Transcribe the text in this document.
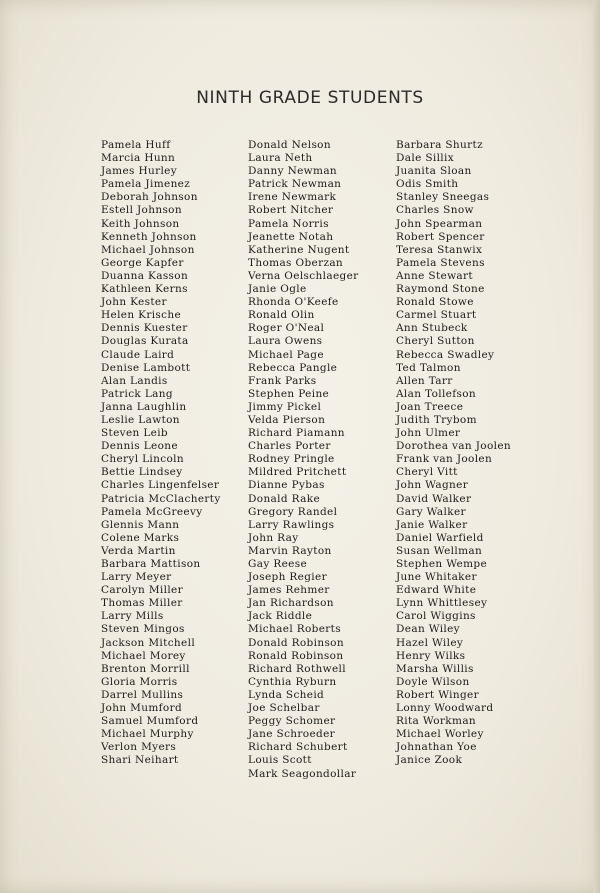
NINTH GRADE STUDENTS
Pamela Huff
Marcia Hunn
James Hurley
Pamela Jimenez
Deborah Johnson
Estell Johnson
Keith Johnson
Kenneth Johnson
Michael Johnson
George Kapfer
Duanna Kasson
Kathleen Kerns
John Kester
Helen Krische
Dennis Kuester
Douglas Kurata
Claude Laird
Denise Lambott
Alan Landis
Patrick Lang
Janna Laughlin
Leslie Lawton
Steven Leib
Dennis Leone
Cheryl Lincoln
Bettie Lindsey
Charles Lingenfelser
Patricia McClacherty
Pamela McGreevy
Glennis Mann
Colene Marks
Verda Martin
Barbara Mattison
Larry Meyer
Carolyn Miller
Thomas Miller
Larry Mills
Steven Mingos
Jackson Mitchell
Michael Morey
Brenton Morrill
Gloria Morris
Darrel Mullins
John Mumford
Samuel Mumford
Michael Murphy
Verlon Myers
Shari Neihart
Donald Nelson
Laura Neth
Danny Newman
Patrick Newman
Irene Newmark
Robert Nitcher
Pamela Norris
Jeanette Notah
Katherine Nugent
Thomas Oberzan
Verna Oelschlaeger
Janie Ogle
Rhonda O'Keefe
Ronald Olin
Roger O'Neal
Laura Owens
Michael Page
Rebecca Pangle
Frank Parks
Stephen Peine
Jimmy Pickel
Velda Pierson
Richard Piamann
Charles Porter
Rodney Pringle
Mildred Pritchett
Dianne Pybas
Donald Rake
Gregory Randel
Larry Rawlings
John Ray
Marvin Rayton
Gay Reese
Joseph Regier
James Rehmer
Jan Richardson
Jack Riddle
Michael Roberts
Donald Robinson
Ronald Robinson
Richard Rothwell
Cynthia Ryburn
Lynda Scheid
Joe Schelbar
Peggy Schomer
Jane Schroeder
Richard Schubert
Louis Scott
Mark Seagondollar
Barbara Shurtz
Dale Sillix
Juanita Sloan
Odis Smith
Stanley Sneegas
Charles Snow
John Spearman
Robert Spencer
Teresa Stanwix
Pamela Stevens
Anne Stewart
Raymond Stone
Ronald Stowe
Carmel Stuart
Ann Stubeck
Cheryl Sutton
Rebecca Swadley
Ted Talmon
Allen Tarr
Alan Tollefson
Joan Treece
Judith Trybom
John Ulmer
Dorothea van Joolen
Frank van Joolen
Cheryl Vitt
John Wagner
David Walker
Gary Walker
Janie Walker
Daniel Warfield
Susan Wellman
Stephen Wempe
June Whitaker
Edward White
Lynn Whittlesey
Carol Wiggins
Dean Wiley
Hazel Wiley
Henry Wilks
Marsha Willis
Doyle Wilson
Robert Winger
Lonny Woodward
Rita Workman
Michael Worley
Johnathan Yoe
Janice Zook
